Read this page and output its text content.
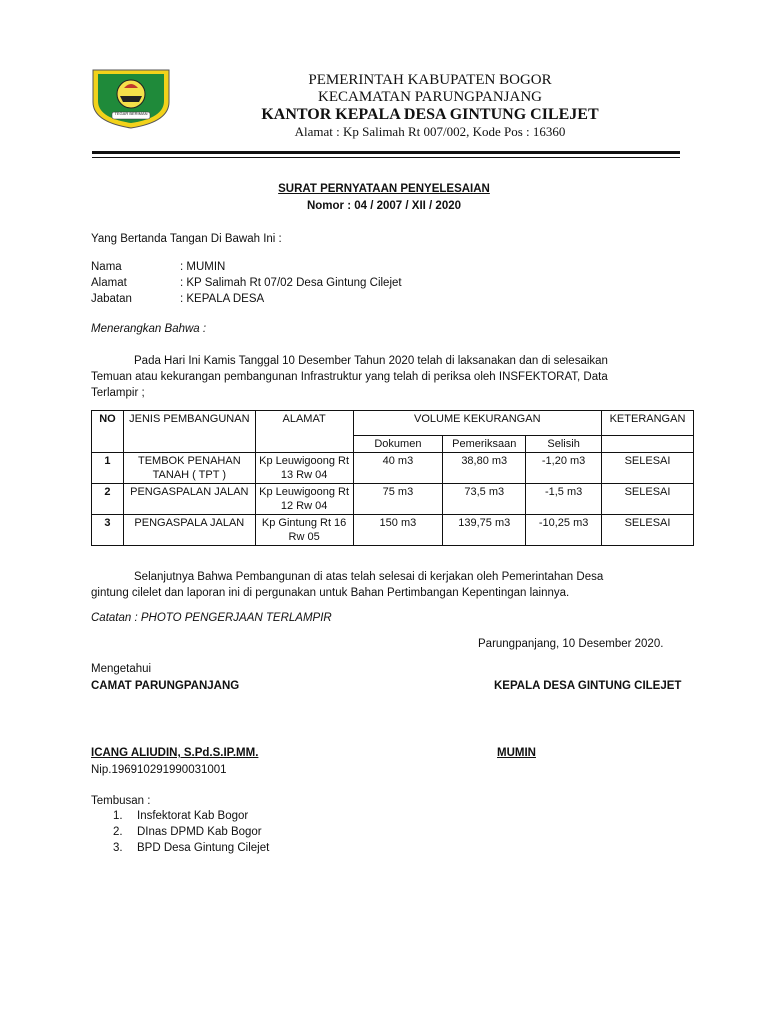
TEGAR BERIMAN
PEMERINTAH KABUPATEN BOGOR
KECAMATAN PARUNGPANJANG
KANTOR KEPALA DESA GINTUNG CILEJET
Alamat : Kp Salimah Rt 007/002, Kode Pos : 16360
SURAT PERNYATAAN PENYELESAIAN
Nomor : 04 / 2007 / XII / 2020
Yang Bertanda Tangan Di Bawah Ini :
Nama	: MUMIN
Alamat	: KP Salimah Rt 07/02 Desa Gintung Cilejet
Jabatan	: KEPALA DESA
Menerangkan Bahwa :
Pada Hari Ini Kamis Tanggal 10 Desember Tahun 2020 telah di laksanakan dan di selesaikan
Temuan atau kekurangan pembangunan Infrastruktur yang telah di periksa oleh INSFEKTORAT, Data
Terlampir ;
NO	JENIS PEMBANGUNAN	ALAMAT	VOLUME KEKURANGAN			KETERANGAN
			Dokumen	Pemeriksaan	Selisih	
1	TEMBOK PENAHAN TANAH ( TPT )	Kp Leuwigoong Rt 13 Rw 04	40 m3	38,80 m3	-1,20 m3	SELESAI
2	PENGASPALAN JALAN	Kp Leuwigoong Rt 12 Rw 04	75 m3	73,5 m3	-1,5 m3	SELESAI
3	PENGASPALA JALAN	Kp Gintung Rt 16 Rw 05	150 m3	139,75 m3	-10,25 m3	SELESAI
Selanjutnya Bahwa Pembangunan di atas telah selesai di kerjakan oleh Pemerintahan Desa
gintung cilelet dan laporan ini di pergunakan untuk Bahan Pertimbangan Kepentingan lainnya.
Catatan : PHOTO PENGERJAAN TERLAMPIR
Parungpanjang, 10 Desember 2020.
Mengetahui
CAMAT PARUNGPANJANG	KEPALA DESA GINTUNG CILEJET
ICANG ALIUDIN, S.Pd.S.IP.MM.	MUMIN
Nip.196910291990031001
Tembusan :
1. Insfektorat Kab Bogor
2. DInas DPMD Kab Bogor
3. BPD Desa Gintung Cilejet
